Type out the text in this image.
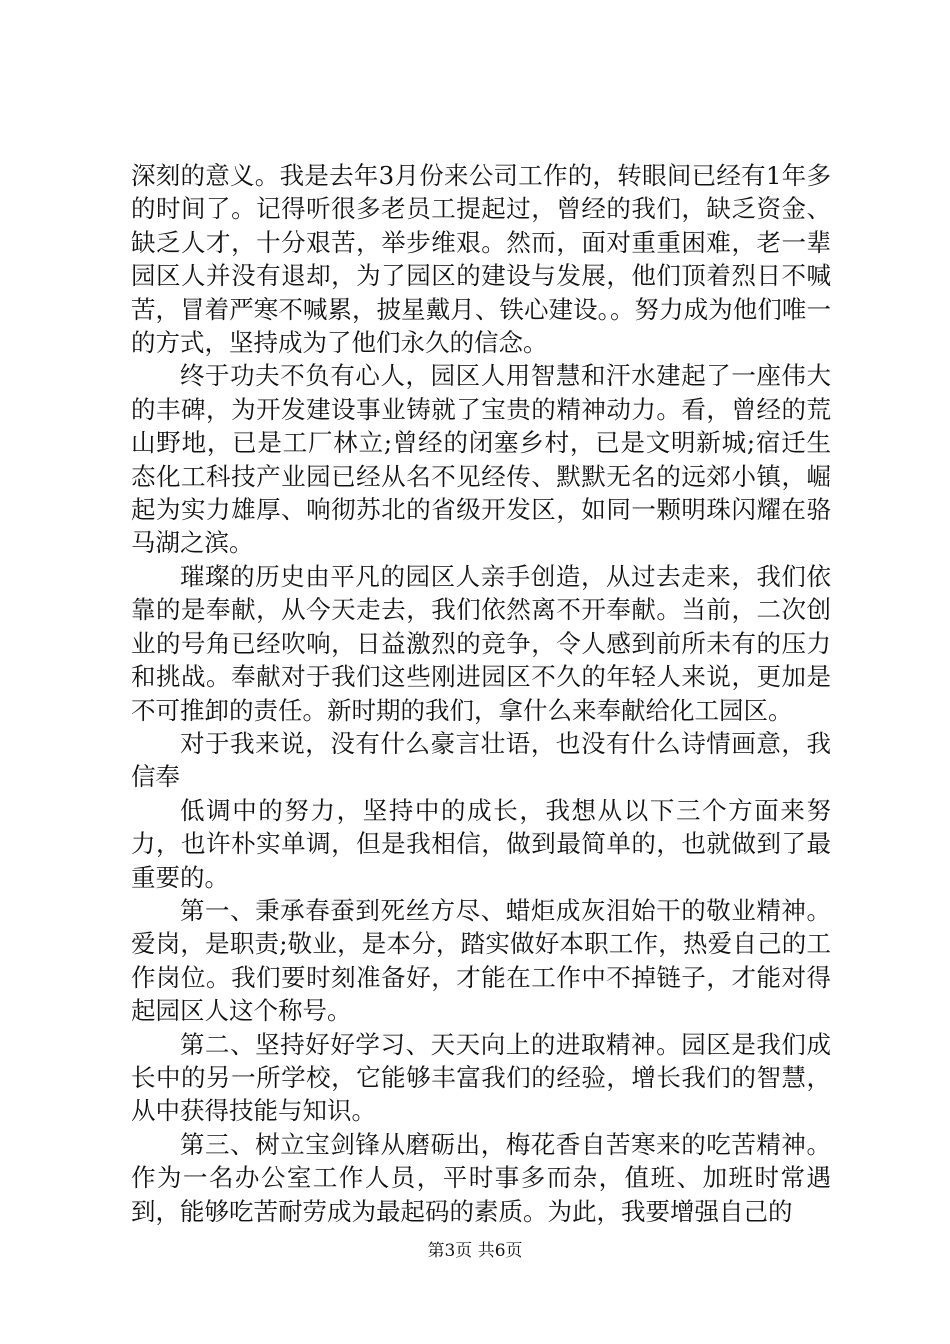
深刻的意义。我是去年3月份来公司工作的，转眼间已经有1年多的时间了。记得听很多老员工提起过，曾经的我们，缺乏资金、缺乏人才，十分艰苦，举步维艰。然而，面对重重困难，老一辈园区人并没有退却，为了园区的建设与发展，他们顶着烈日不喊苦，冒着严寒不喊累，披星戴月、铁心建设。。努力成为他们唯一的方式，坚持成为了他们永久的信念。

终于功夫不负有心人，园区人用智慧和汗水建起了一座伟大的丰碑，为开发建设事业铸就了宝贵的精神动力。看，曾经的荒山野地，已是工厂林立;曾经的闭塞乡村，已是文明新城;宿迁生态化工科技产业园已经从名不见经传、默默无名的远郊小镇，崛起为实力雄厚、响彻苏北的省级开发区，如同一颗明珠闪耀在骆马湖之滨。

璀璨的历史由平凡的园区人亲手创造，从过去走来，我们依靠的是奉献，从今天走去，我们依然离不开奉献。当前，二次创业的号角已经吹响，日益激烈的竞争，令人感到前所未有的压力和挑战。奉献对于我们这些刚进园区不久的年轻人来说，更加是不可推卸的责任。新时期的我们，拿什么来奉献给化工园区。

对于我来说，没有什么豪言壮语，也没有什么诗情画意，我信奉

低调中的努力，坚持中的成长，我想从以下三个方面来努力，也许朴实单调，但是我相信，做到最简单的，也就做到了最重要的。

第一、秉承春蚕到死丝方尽、蜡炬成灰泪始干的敬业精神。爱岗，是职责;敬业，是本分，踏实做好本职工作，热爱自己的工作岗位。我们要时刻准备好，才能在工作中不掉链子，才能对得起园区人这个称号。

第二、坚持好好学习、天天向上的进取精神。园区是我们成长中的另一所学校，它能够丰富我们的经验，增长我们的智慧，从中获得技能与知识。

第三、树立宝剑锋从磨砺出，梅花香自苦寒来的吃苦精神。作为一名办公室工作人员，平时事多而杂，值班、加班时常遇到，能够吃苦耐劳成为最起码的素质。为此，我要增强自己的

第3页 共6页
